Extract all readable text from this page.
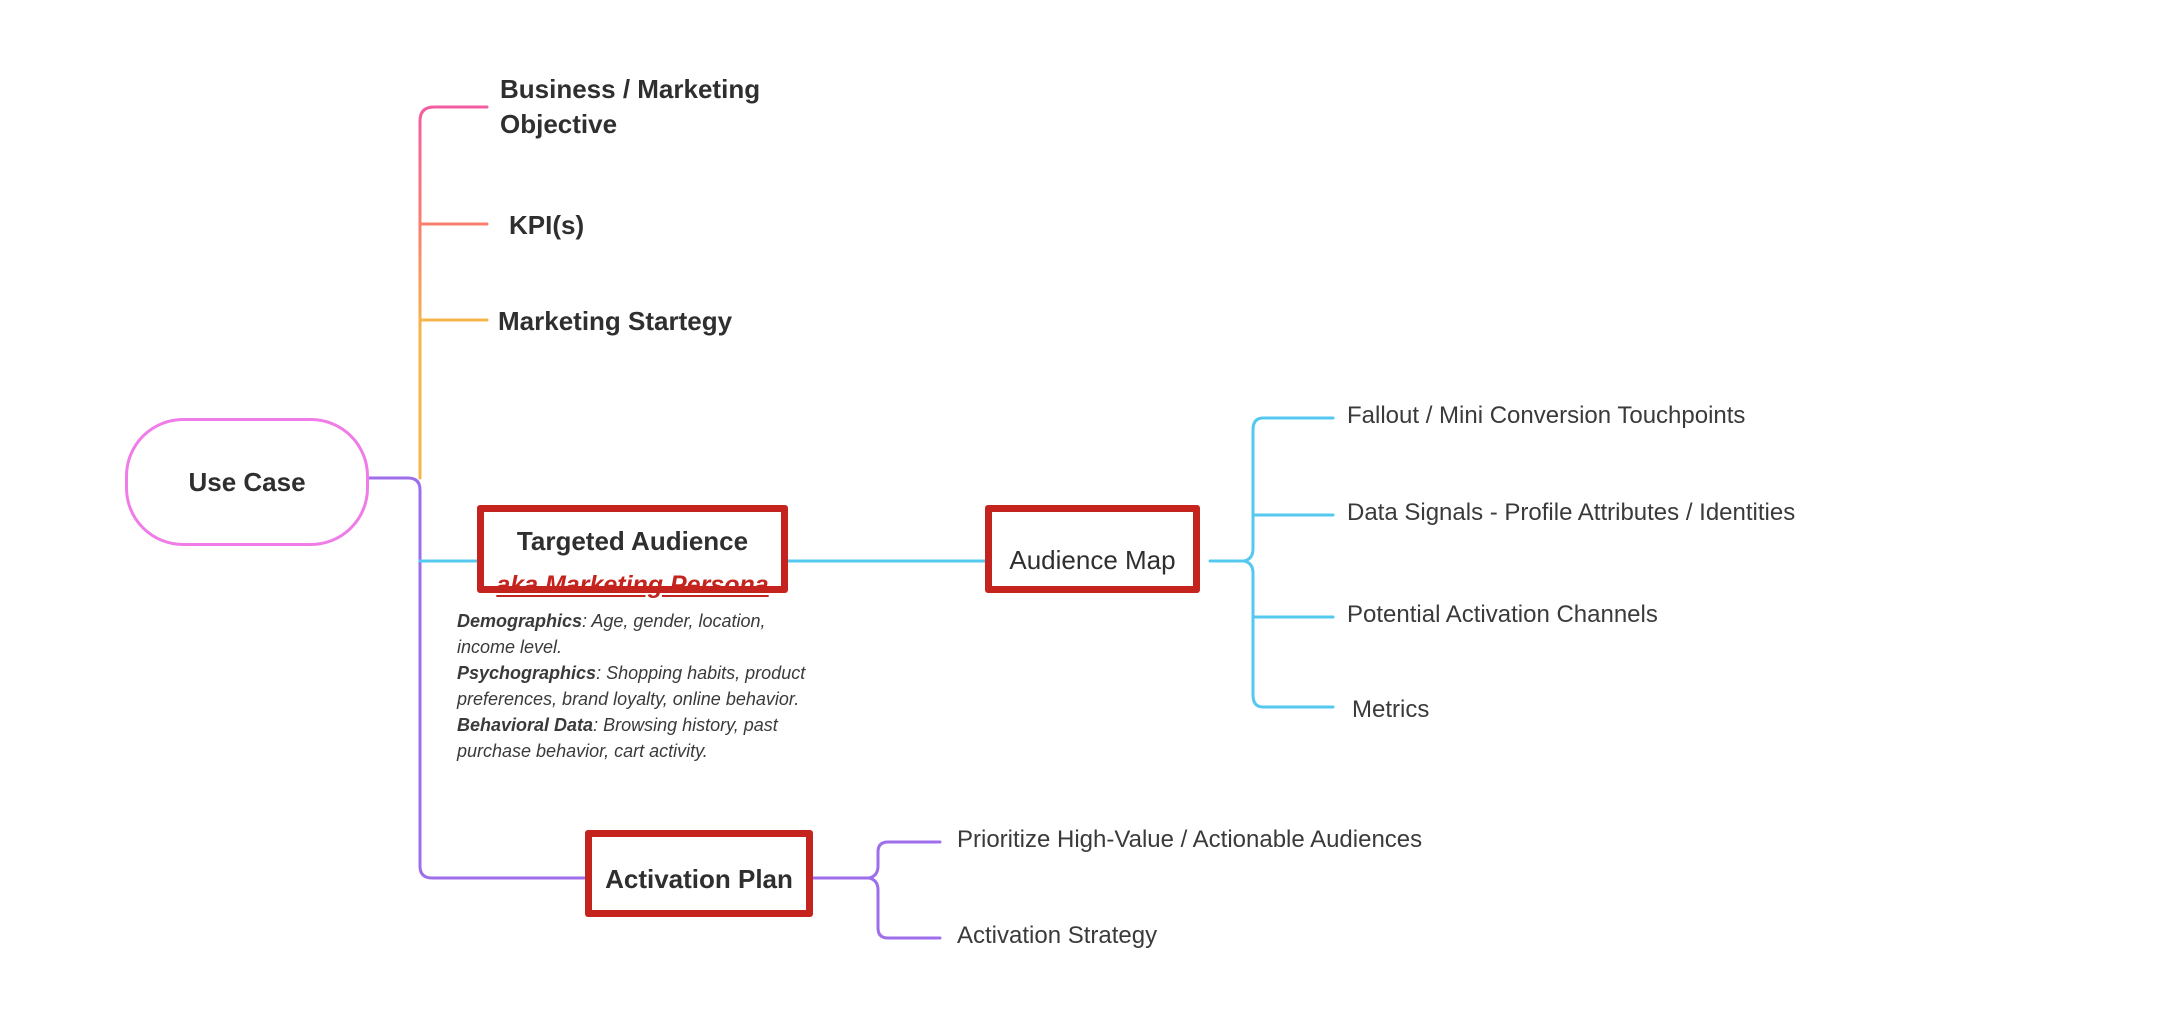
Use Case
Business / Marketing Objective
KPI(s)
Marketing Startegy
Targeted Audience
aka Marketing Persona
Demographics: Age, gender, location, income level.
Psychographics: Shopping habits, product preferences, brand loyalty, online behavior.
Behavioral Data: Browsing history, past purchase behavior, cart activity.
Audience Map
Fallout / Mini Conversion Touchpoints
Data Signals - Profile Attributes / Identities
Potential Activation Channels
Metrics
Activation Plan
Prioritize High-Value / Actionable Audiences
Activation Strategy
